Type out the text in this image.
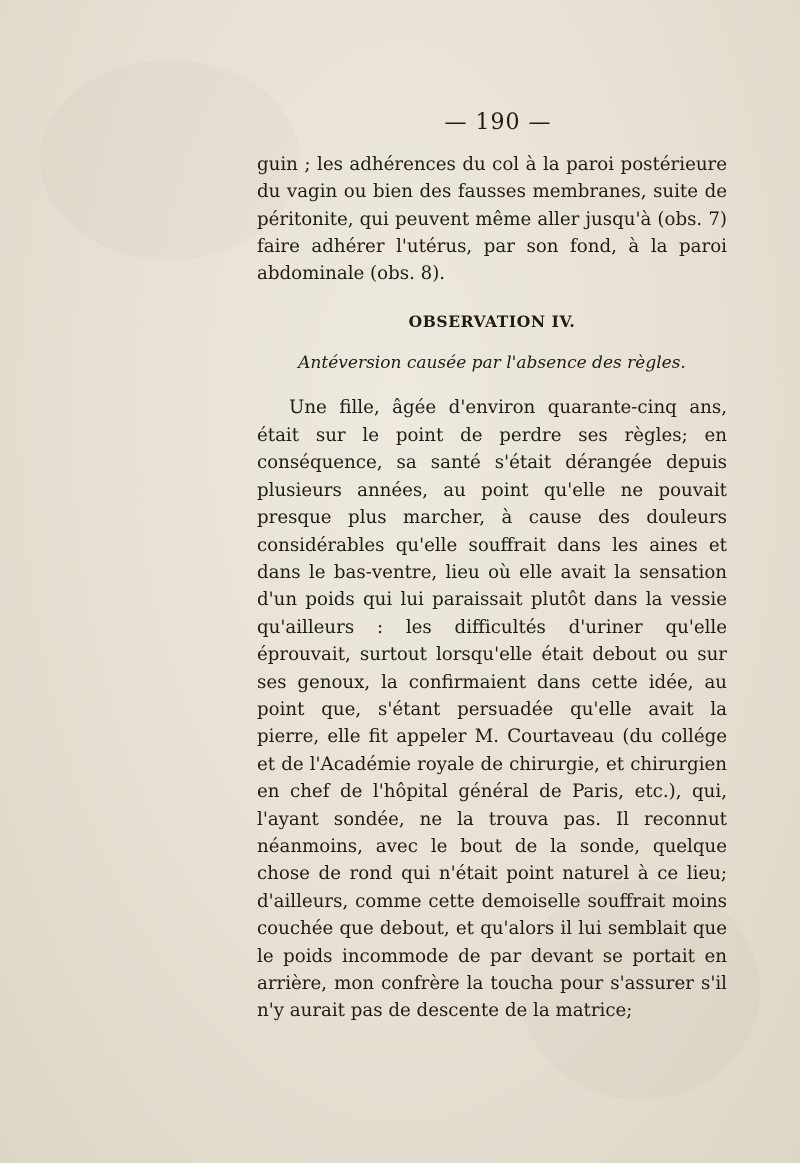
— 190 —

guin ; les adhérences du col à la paroi postérieure du vagin ou bien des fausses membranes, suite de péritonite, qui peuvent même aller jusqu'à (obs. 7) faire adhérer l'utérus, par son fond, à la paroi abdominale (obs. 8).

OBSERVATION IV.
Antéversion causée par l'absence des règles.

Une fille, âgée d'environ quarante-cinq ans, était sur le point de perdre ses règles; en conséquence, sa santé s'était dérangée depuis plusieurs années, au point qu'elle ne pouvait presque plus marcher, à cause des douleurs considérables qu'elle souffrait dans les aines et dans le bas-ventre, lieu où elle avait la sensation d'un poids qui lui paraissait plutôt dans la vessie qu'ailleurs : les difficultés d'uriner qu'elle éprouvait, surtout lorsqu'elle était debout ou sur ses genoux, la confirmaient dans cette idée, au point que, s'étant persuadée qu'elle avait la pierre, elle fit appeler M. Courtaveau (du collége et de l'Académie royale de chirurgie, et chirurgien en chef de l'hôpital général de Paris, etc.), qui, l'ayant sondée, ne la trouva pas. Il reconnut néanmoins, avec le bout de la sonde, quelque chose de rond qui n'était point naturel à ce lieu; d'ailleurs, comme cette demoiselle souffrait moins couchée que debout, et qu'alors il lui semblait que le poids incommode de par devant se portait en arrière, mon confrère la toucha pour s'assurer s'il n'y aurait pas de descente de la matrice;
